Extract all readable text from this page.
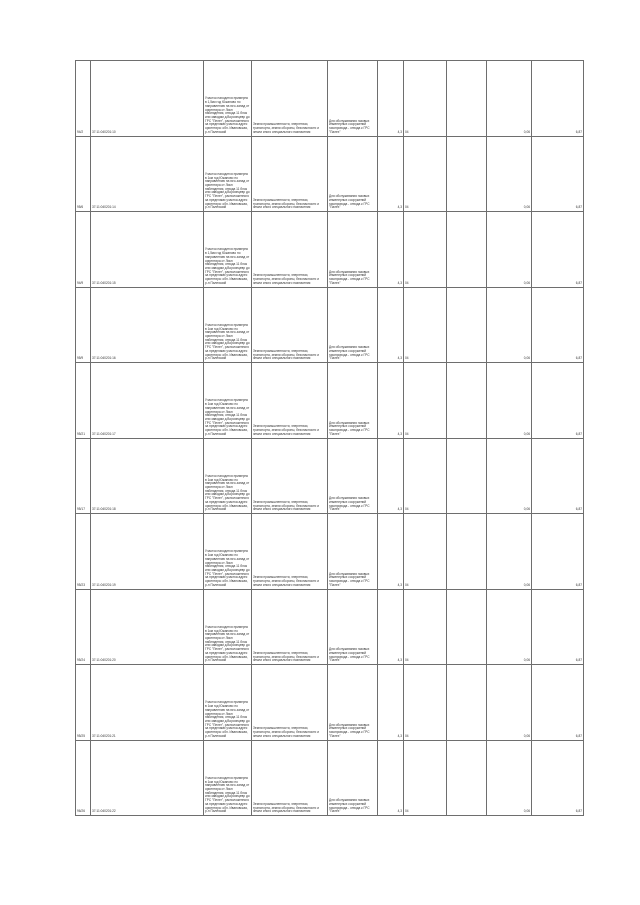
94/2	37:11:040201:10	Участок находится примерно в 1,5км год Южаново по направлению на юго-запад от ориентира от Ликн наблюдения, отвода 11 блок или заводям д.Ворсинцевр до ГРС "Пелег", расположенного за пределами участка адрес ориентира: обл. Ивановская, р-н Палехский	Земли промышленности, энергетики, транспорта, земли обороны, безопасности и земли иного специального назначения	Для обслуживания газовых инженерных сооружений газопровода - отвода к ГРС "Палех"	4,3	04		0,06	6,87
95/6	37:11:040201:14	Участок находится примерно в 1км год Южаново по направлению на юго-запад от ориентира от Ликн наблюдения, отвода 11 блок или заводям д.Ворсинцевр до ГРС "Пелег", расположенного за пределами участка адрес ориентира: обл. Ивановская, р-н Палехский	Земли промышленности, энергетики, транспорта, земли обороны, безопасности и земли иного специального назначения	Для обслуживания газовых инженерных сооружений газопровода - отвода к ГРС "Палех"	4,3	04		0,06	6,87
94/9	37:11:040201:15	Участок находится примерно в 1,5км год Южаново по направлению на юго-запад от ориентира от Ликн наблюдения, отвода 11 блок или заводям д.Ворсинцевр до ГРС "Пелег", расположенного за пределами участка адрес ориентира: обл. Ивановская, р-н Палехский	Земли промышленности, энергетики, транспорта, земли обороны, безопасности и земли иного специального назначения	Для обслуживания газовых инженерных сооружений газопровода - отвода к ГРС "Палех"	4,3	04		0,06	6,87
95/9	37:11:040201:16	Участок находится примерно в 1км год Южаново по направлению на юго-запад от ориентира от Ликн наблюдения, отвода 11 блок или заводям д.Ворсинцевр до ГРС "Пелег", расположенного за пределами участка адрес ориентира: обл. Ивановская, р-н Палехский	Земли промышленности, энергетики, транспорта, земли обороны, безопасности и земли иного специального назначения	Для обслуживания газовых инженерных сооружений газопровода - отвода к ГРС "Палех"	4,3	04		0,06	6,87
95/21	37:11:040201:17	Участок находится примерно в 1км год Южаново по направлению на юго-запад от ориентира от Ликн наблюдения, отвода 11 блок или заводям д.Ворсинцевр до ГРС "Пелег", расположенного за пределами участка адрес ориентира: обл. Ивановская, р-н Палехский	Земли промышленности, энергетики, транспорта, земли обороны, безопасности и земли иного специального назначения	Для обслуживания газовых инженерных сооружений газопровода - отвода к ГРС "Палех"	4,3	04		0,06	6,87
95/17	37:11:040201:18	Участок находится примерно в 1км год Южаново по направлению на юго-запад от ориентира от Ликн наблюдения, отвода 11 блок или заводям д.Ворсинцевр до ГРС "Пелег", расположенного за пределами участка адрес ориентира: обл. Ивановская, р-н Палехский	Земли промышленности, энергетики, транспорта, земли обороны, безопасности и земли иного специального назначения	Для обслуживания газовых инженерных сооружений газопровода - отвода к ГРС "Палех"	4,3	04		0,06	6,87
95/23	37:11:040201:19	Участок находится примерно в 1км год Южаново по направлению на юго-запад от ориентира от Ликн наблюдения, отвода 11 блок или заводям д.Ворсинцевр до ГРС "Пелег", расположенного за пределами участка адрес ориентира: обл. Ивановская, р-н Палехский	Земли промышленности, энергетики, транспорта, земли обороны, безопасности и земли иного специального назначения	Для обслуживания газовых инженерных сооружений газопровода - отвода к ГРС "Палех"	4,3	04		0,06	6,87
95/24	37:11:040201:20	Участок находится примерно в 1км год Южаново по направлению на юго-запад от ориентира от Ликн наблюдения, отвода 11 блок или заводям д.Ворсинцевр до ГРС "Пелег", расположенного за пределами участка адрес ориентира: обл. Ивановская, р-н Палехский	Земли промышленности, энергетики, транспорта, земли обороны, безопасности и земли иного специального назначения	Для обслуживания газовых инженерных сооружений газопровода - отвода к ГРС "Палех"	4,3	04		0,06	6,87
95/25	37:11:040201:21	Участок находится примерно в 1км год Южаново по направлению на юго-запад от ориентира от Ликн наблюдения, отвода 11 блок или заводям д.Ворсинцевр до ГРС "Пелег", расположенного за пределами участка адрес ориентира: обл. Ивановская, р-н Палехский	Земли промышленности, энергетики, транспорта, земли обороны, безопасности и земли иного специального назначения	Для обслуживания газовых инженерных сооружений газопровода - отвода к ГРС "Палех"	4,3	04		0,06	6,87
96/26	37:11:040201:22	Участок находится примерно в 1км год Южаново по направлению на юго-запад от ориентира от Ликн наблюдения, отвода 11 блок или заводям д.Ворсинцевр до ГРС "Пелег", расположенного за пределами участка адрес ориентира: обл. Ивановская, р-н Палехский	Земли промышленности, энергетики, транспорта, земли обороны, безопасности и земли иного специального назначения	Для обслуживания газовых инженерных сооружений газопровода - отвода к ГРС "Палех"	4,3	04		0,06	6,87
